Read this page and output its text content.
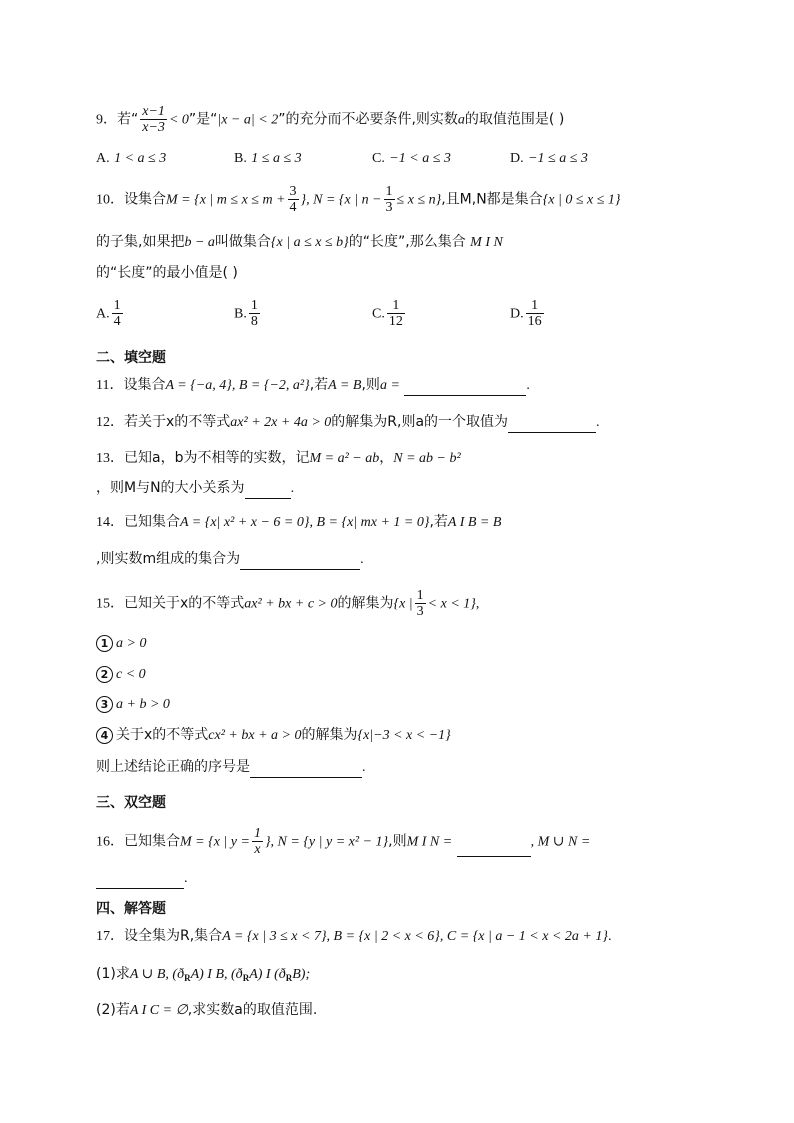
9．若“ $\frac{x-1}{x-3} < 0$”是“|x − a| < 2”的充分而不必要条件,则实数a的取值范围是( )
A. 1 < a ≤ 3	B. 1 ≤ a ≤ 3	C. −1 < a ≤ 3	D. −1 ≤ a ≤ 3
10．设集合M = {x | $m \le x \le m + \frac{3}{4}$ }, N = {x | $n - \frac{1}{3} \le x \le n$},且M,N都是集合{x | 0 ≤ x ≤ 1}
的子集,如果把b − a叫做集合{x | a ≤ x ≤ b}的“长度”,那么集合 M Ι N
的“长度”的最小值是( )
A. $\frac{1}{4}$	B. $\frac{1}{8}$	C. $\frac{1}{12}$	D. $\frac{1}{16}$
二、填空题
11．设集合A = {−a, 4}, B = {−2, a²},若A = B,则a =	.
12．若关于x的不等式ax² + 2x + 4a > 0的解集为R,则a的一个取值为	.
13．已知a，b为不相等的实数，记M = a² − ab，N = ab − b²
，则M与N的大小关系为	.
14．已知集合A = {x| x² + x − 6 = 0}, B = {x| mx + 1 = 0},若A Ι B = B
,则实数m组成的集合为	.
15．已知关于x的不等式ax² + bx + c > 0的解集为{x | $\frac{1}{3} < x < 1$},
1 a > 0
2 c < 0
3 a + b > 0
4 关于x的不等式cx² + bx + a > 0的解集为{x|−3 < x < −1}
则上述结论正确的序号是	.
三、双空题
16．已知集合M = {x | $y = \frac{1}{x}$ }, N = {y | y = x² − 1},则M Ι N =	, M ∪ N =
.
四、解答题
17．设全集为R,集合A = {x | 3 ≤ x < 7}, B = {x | 2 < x < 6}, C = {x | a − 1 < x < 2a + 1}.
(1)求A ∪ B, $(ð_RA)$ Ι B, $(ð_RA)$ Ι $(ð_RB)$;
(2)若A Ι C = ∅,求实数a的取值范围.
